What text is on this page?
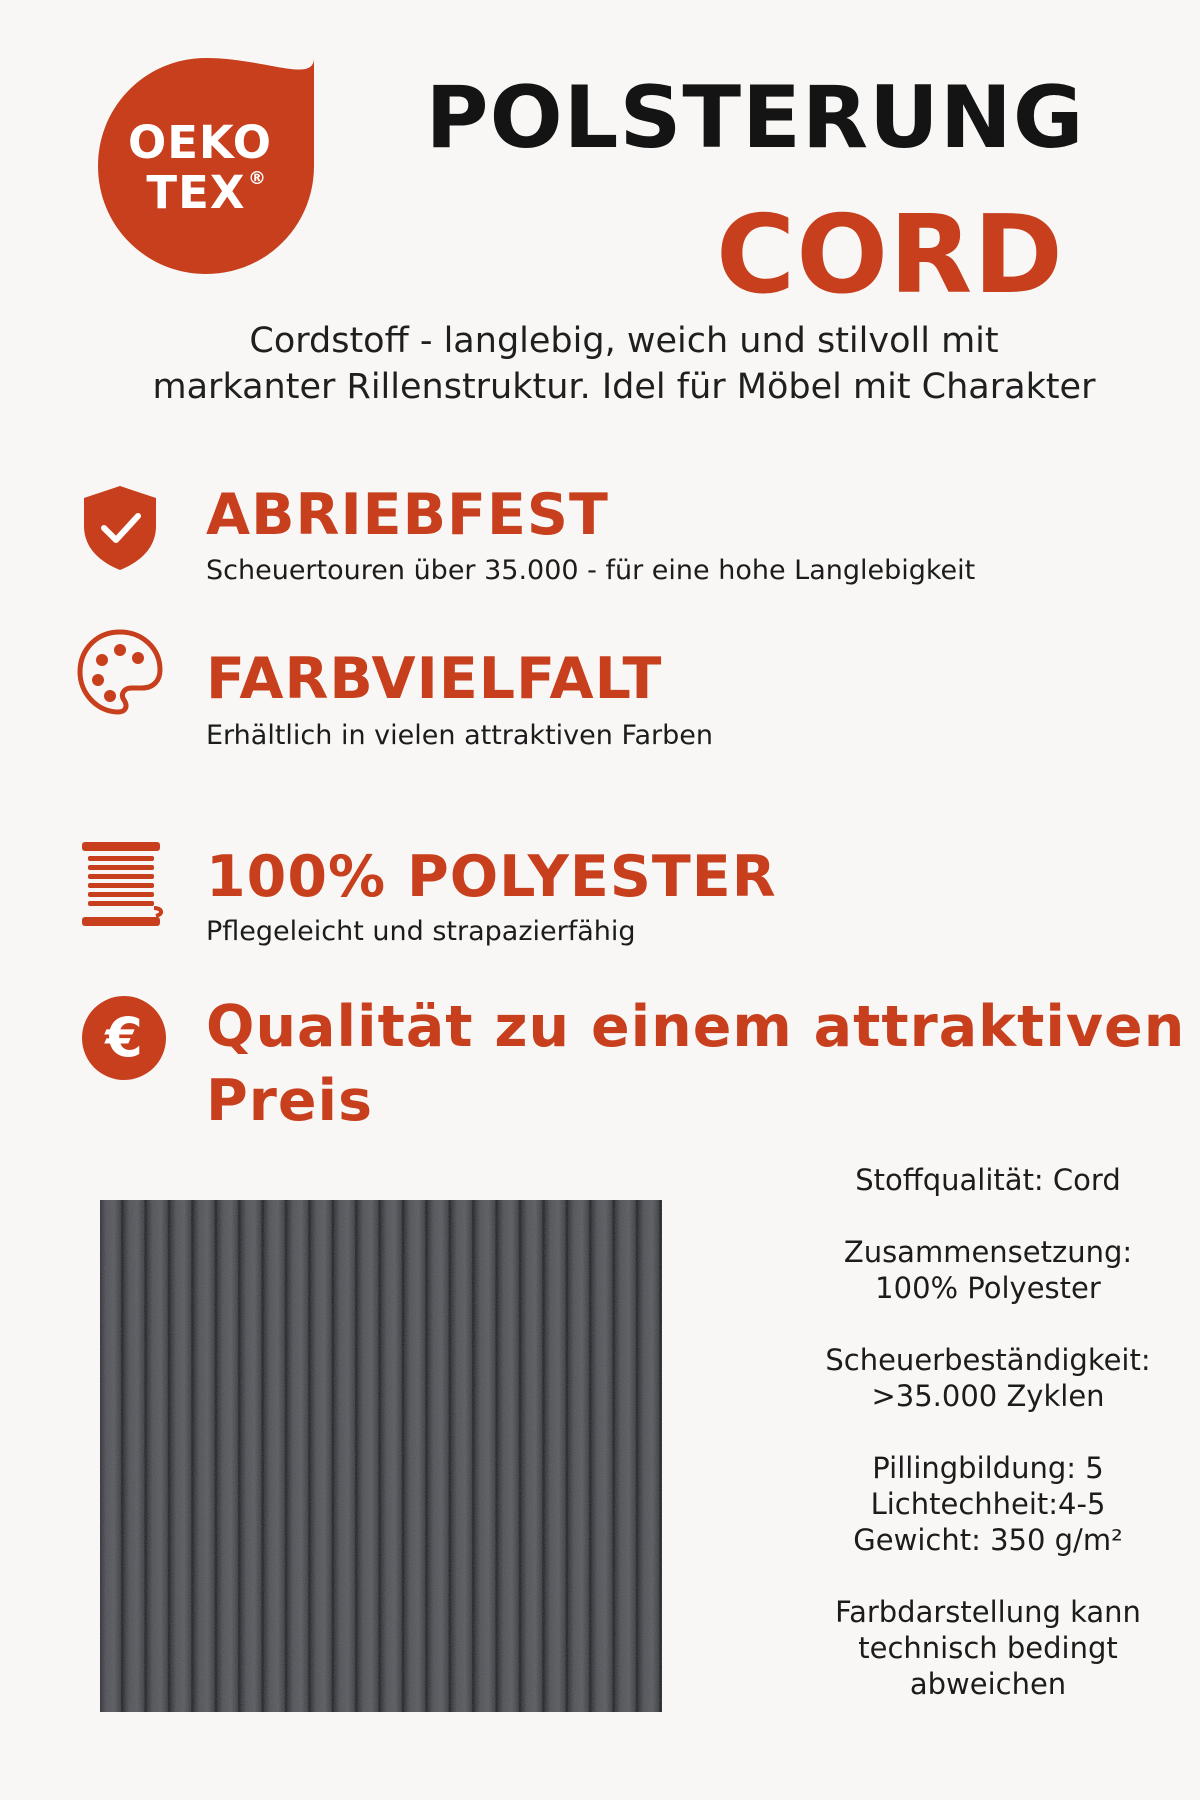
OEKO
TEX ®
POLSTERUNG
CORD
Cordstoff - langlebig, weich und stilvoll mit
markanter Rillenstruktur. Idel für Möbel mit Charakter
ABRIEBFEST
Scheuertouren über 35.000 - für eine hohe Langlebigkeit
FARBVIELFALT
Erhältlich in vielen attraktiven Farben
100% POLYESTER
Pflegeleicht und strapazierfähig
€ Qualität zu einem attraktiven Preis
Stoffqualität: Cord
Zusammensetzung:
100% Polyester
Scheuerbeständigkeit:
>35.000 Zyklen
Pillingbildung: 5
Lichtechheit:4-5
Gewicht: 350 g/m²
Farbdarstellung kann
technisch bedingt
abweichen
